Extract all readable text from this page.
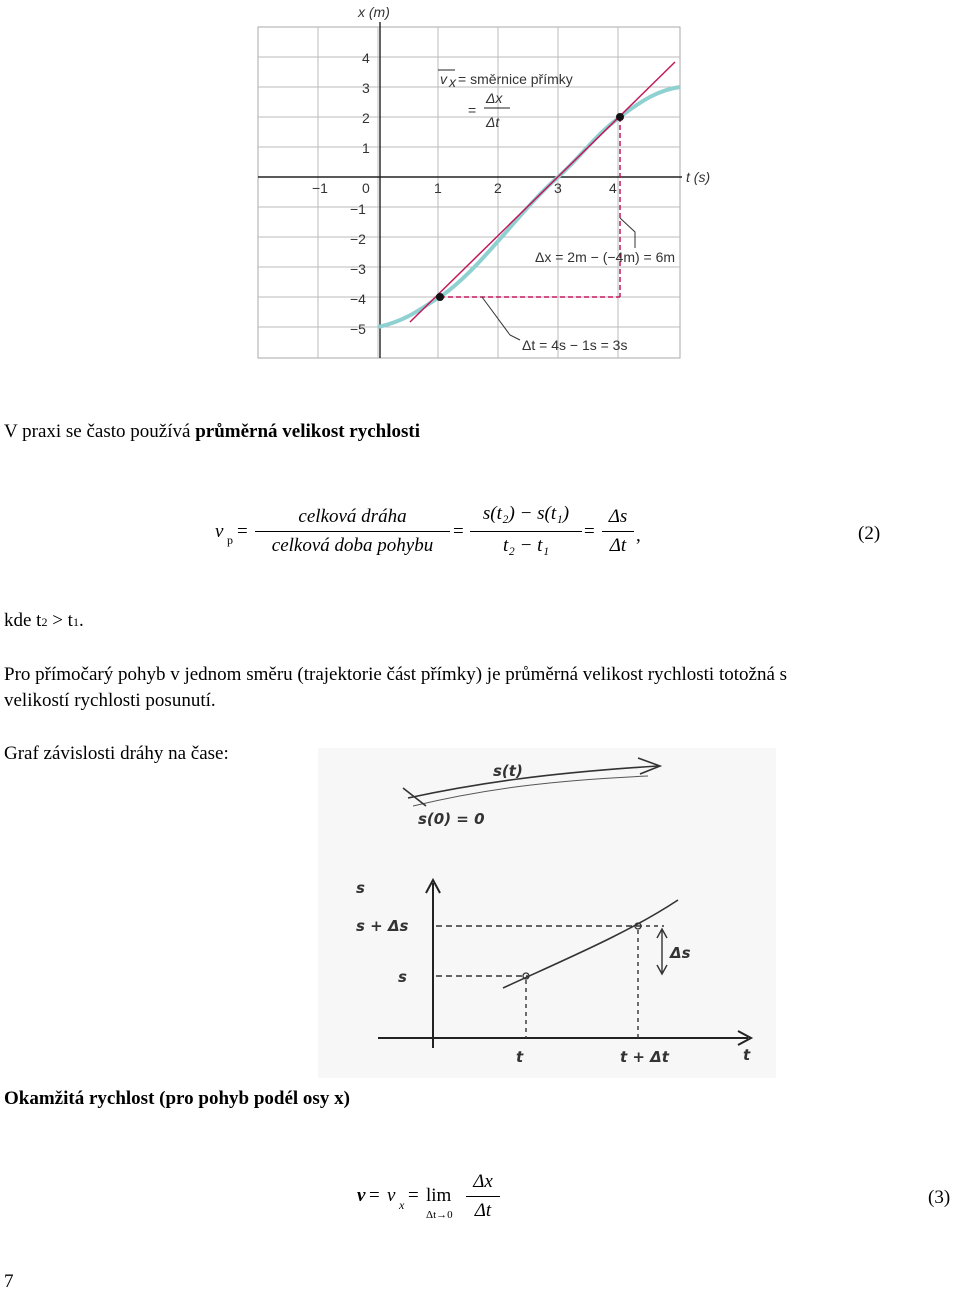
x (m)
t (s)
4
3
2
1
0
−1
−2
−3
−4
−5
−1	1	2	3	4
v x = směrnice přímky
=
Δx
Δt
Δx = 2m − (−4m) = 6m
Δt = 4s − 1s = 3s
V praxi se často používá průměrná velikost rychlosti
v p =
celková dráha
celková doba pohybu
=
s(t₂) − s(t₁)
t₂ − t₁
=
Δs
Δt ,	(2)
kde t2 > t1.
Pro přímočarý pohyb v jednom směru (trajektorie část přímky) je průměrná velikost rychlosti totožná s
velikostí rychlosti posunutí.
Graf závislosti dráhy na čase:
s(t)
s(0) = 0
s
s + Δs
s
Δs
t
t	t + Δt
Okamžitá rychlost (pro pohyb podél osy x)
v = v x = lim
Δt→0
Δx
Δt
(3)
7
